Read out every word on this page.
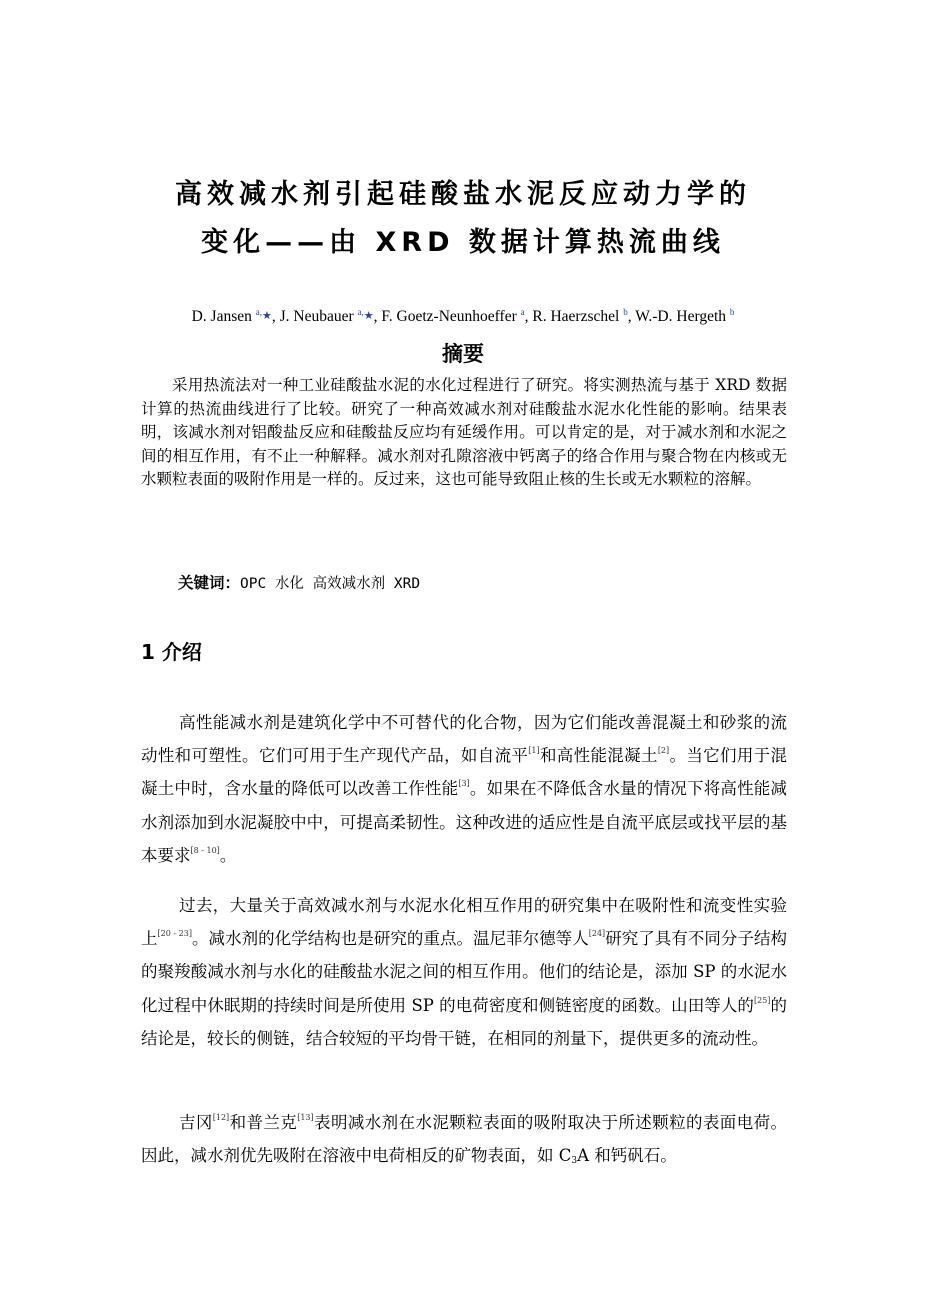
高效减水剂引起硅酸盐水泥反应动力学的
变化——由 XRD 数据计算热流曲线
D. Jansen $^{a,}$★, J. Neubauer $^{a,}$★, F. Goetz-Neunhoeffer $^a$, R. Haerzschel $^b$, W.-D. Hergeth $^b$
摘要

采用热流法对一种工业硅酸盐水泥的水化过程进行了研究。将实测热流与基于 XRD 数据计算的热流曲线进行了比较。研究了一种高效减水剂对硅酸盐水泥水化性能的影响。结果表明，该减水剂对铝酸盐反应和硅酸盐反应均有延缓作用。可以肯定的是，对于减水剂和水泥之间的相互作用，有不止一种解释。减水剂对孔隙溶液中钙离子的络合作用与聚合物在内核或无水颗粒表面的吸附作用是一样的。反过来，这也可能导致阻止核的生长或无水颗粒的溶解。

关键词：OPC 水化 高效减水剂 XRD
1 介绍

高性能减水剂是建筑化学中不可替代的化合物，因为它们能改善混凝土和砂浆的流动性和可塑性。它们可用于生产现代产品，如自流平[1]和高性能混凝土[2]。当它们用于混凝土中时，含水量的降低可以改善工作性能[3]。如果在不降低含水量的情况下将高性能减水剂添加到水泥凝胶中中，可提高柔韧性。这种改进的适应性是自流平底层或找平层的基本要求[8 - 10]。

过去，大量关于高效减水剂与水泥水化相互作用的研究集中在吸附性和流变性实验上[20 - 23]。减水剂的化学结构也是研究的重点。温尼菲尔德等人[24]研究了具有不同分子结构的聚羧酸减水剂与水化的硅酸盐水泥之间的相互作用。他们的结论是，添加 SP 的水泥水化过程中休眠期的持续时间是所使用 SP 的电荷密度和侧链密度的函数。山田等人的[25]的结论是，较长的侧链，结合较短的平均骨干链，在相同的剂量下，提供更多的流动性。

吉冈[12]和普兰克[13]表明减水剂在水泥颗粒表面的吸附取决于所述颗粒的表面电荷。因此，减水剂优先吸附在溶液中电荷相反的矿物表面，如 $C_3A$ 和钙矾石。
